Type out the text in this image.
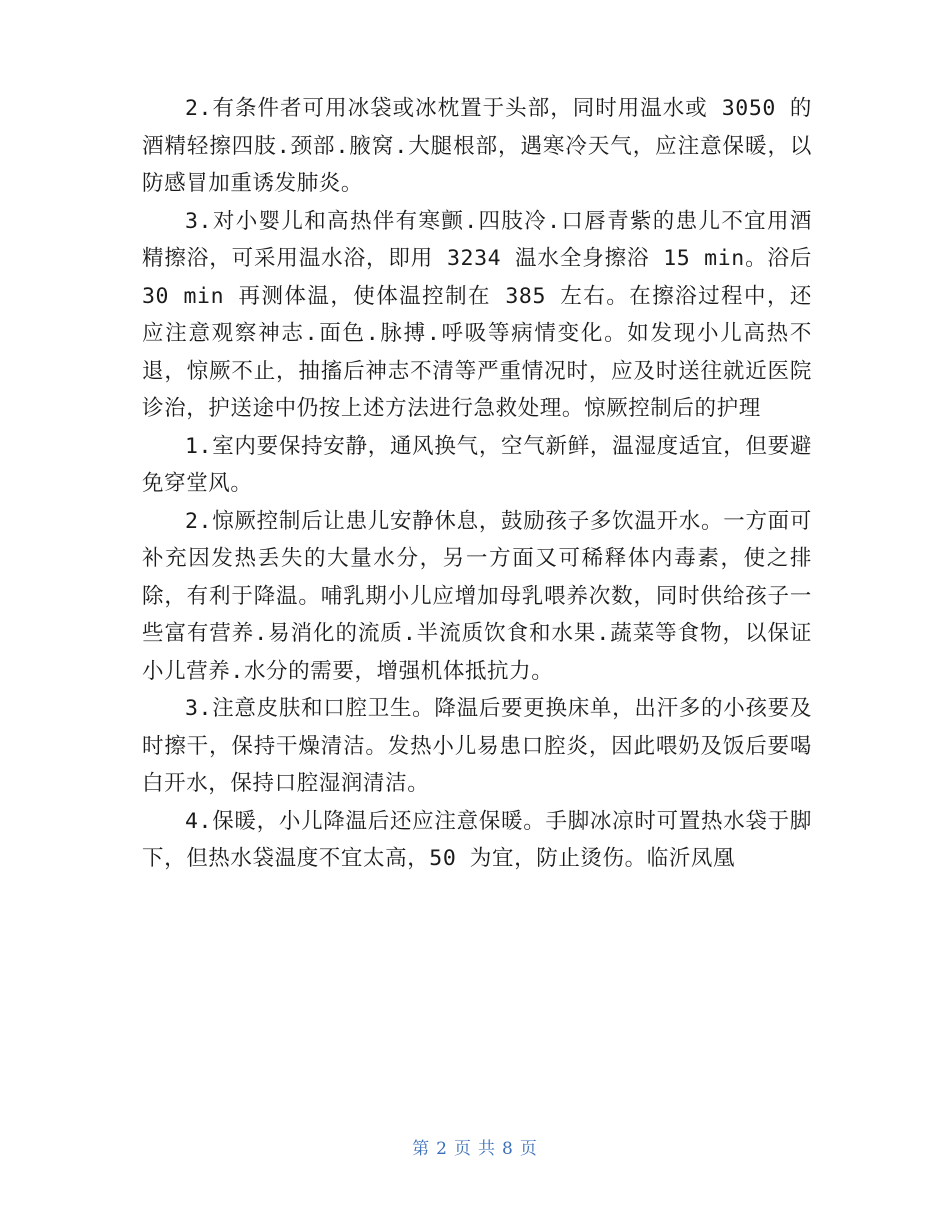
2.有条件者可用冰袋或冰枕置于头部，同时用温水或 3050 的酒精轻擦四肢.颈部.腋窝.大腿根部，遇寒冷天气，应注意保暖，以防感冒加重诱发肺炎。

3.对小婴儿和高热伴有寒颤.四肢冷.口唇青紫的患儿不宜用酒精擦浴，可采用温水浴，即用 3234 温水全身擦浴 15 min。浴后 30 min 再测体温，使体温控制在 385 左右。在擦浴过程中，还应注意观察神志.面色.脉搏.呼吸等病情变化。如发现小儿高热不退，惊厥不止，抽搐后神志不清等严重情况时，应及时送往就近医院诊治，护送途中仍按上述方法进行急救处理。惊厥控制后的护理

1.室内要保持安静，通风换气，空气新鲜，温湿度适宜，但要避免穿堂风。

2.惊厥控制后让患儿安静休息，鼓励孩子多饮温开水。一方面可补充因发热丢失的大量水分，另一方面又可稀释体内毒素，使之排除，有利于降温。哺乳期小儿应增加母乳喂养次数，同时供给孩子一些富有营养.易消化的流质.半流质饮食和水果.蔬菜等食物，以保证小儿营养.水分的需要，增强机体抵抗力。

3.注意皮肤和口腔卫生。降温后要更换床单，出汗多的小孩要及时擦干，保持干燥清洁。发热小儿易患口腔炎，因此喂奶及饭后要喝白开水，保持口腔湿润清洁。

4.保暖，小儿降温后还应注意保暖。手脚冰凉时可置热水袋于脚下，但热水袋温度不宜太高，50 为宜，防止烫伤。临沂凤凰

第 2 页 共 8 页
